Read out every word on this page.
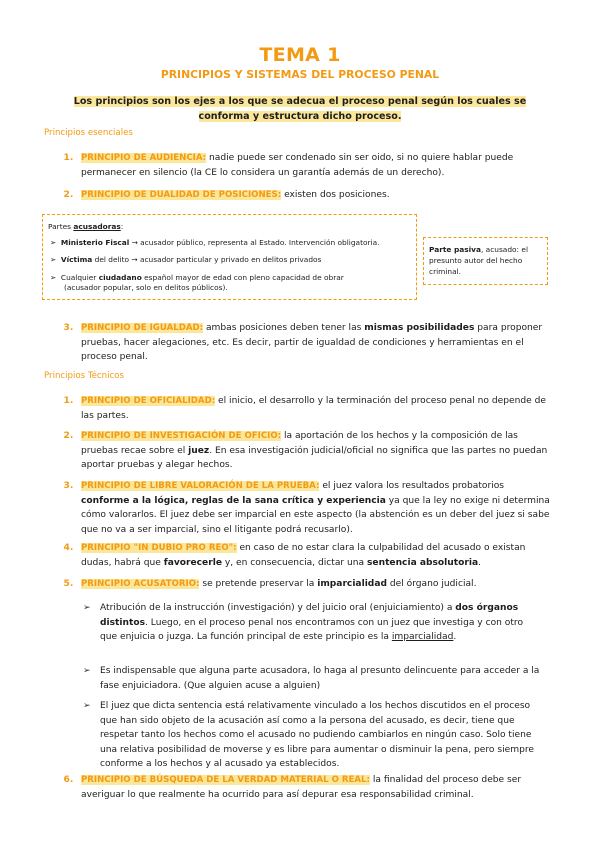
TEMA 1
PRINCIPIOS Y SISTEMAS DEL PROCESO PENAL
Los principios son los ejes a los que se adecua el proceso penal según los cuales se conforma y estructura dicho proceso.
Principios esenciales
1. PRINCIPIO DE AUDIENCIA: nadie puede ser condenado sin ser oido, si no quiere hablar puede permanecer en silencio (la CE lo considera un garantía además de un derecho).
2. PRINCIPIO DE DUALIDAD DE POSICIONES: existen dos posiciones.
Partes acusadoras:
➢  Ministerio Fiscal → acusador público, representa al Estado. Intervención obligatoria.
➢  Víctima del delito → acusador particular y privado en delitos privados
➢  Cualquier ciudadano español mayor de edad con pleno capacidad de obrar
(acusador popular, solo en delitos públicos).
Parte pasiva, acusado: el presunto autor del hecho criminal.
3. PRINCIPIO DE IGUALDAD: ambas posiciones deben tener las mismas posibilidades para proponer pruebas, hacer alegaciones, etc. Es decir, partir de igualdad de condiciones y herramientas en el proceso penal.
Principios Técnicos
1. PRINCIPIO DE OFICIALIDAD: el inicio, el desarrollo y la terminación del proceso penal no depende de las partes.
2. PRINCIPIO DE INVESTIGACIÓN DE OFICIO: la aportación de los hechos y la composición de las pruebas recae sobre el juez. En esa investigación judicial/oficial no significa que las partes no puedan aportar pruebas y alegar hechos.
3. PRINCIPIO DE LIBRE VALORACIÓN DE LA PRUEBA: el juez valora los resultados probatorios conforme a la lógica, reglas de la sana crítica y experiencia ya que la ley no exige ni determina cómo valorarlos. El juez debe ser imparcial en este aspecto (la abstención es un deber del juez si sabe que no va a ser imparcial, sino el litigante podrá recusarlo).
4. PRINCIPIO "IN DUBIO PRO REO": en caso de no estar clara la culpabilidad del acusado o existan dudas, habrá que favorecerle y, en consecuencia, dictar una sentencia absolutoria.
5. PRINCIPIO ACUSATORIO: se pretende preservar la imparcialidad del órgano judicial.
➢ Atribución de la instrucción (investigación) y del juicio oral (enjuiciamiento) a dos órganos distintos. Luego, en el proceso penal nos encontramos con un juez que investiga y con otro que enjuicia o juzga. La función principal de este principio es la imparcialidad.
➢ Es indispensable que alguna parte acusadora, lo haga al presunto delincuente para acceder a la fase enjuiciadora. (Que alguien acuse a alguien)
➢ El juez que dicta sentencia está relativamente vinculado a los hechos discutidos en el proceso que han sido objeto de la acusación así como a la persona del acusado, es decir, tiene que respetar tanto los hechos como el acusado no pudiendo cambiarlos en ningún caso. Solo tiene una relativa posibilidad de moverse y es libre para aumentar o disminuir la pena, pero siempre conforme a los hechos y al acusado ya establecidos.
6. PRINCIPIO DE BÚSQUEDA DE LA VERDAD MATERIAL O REAL: la finalidad del proceso debe ser averiguar lo que realmente ha ocurrido para así depurar esa responsabilidad criminal.
